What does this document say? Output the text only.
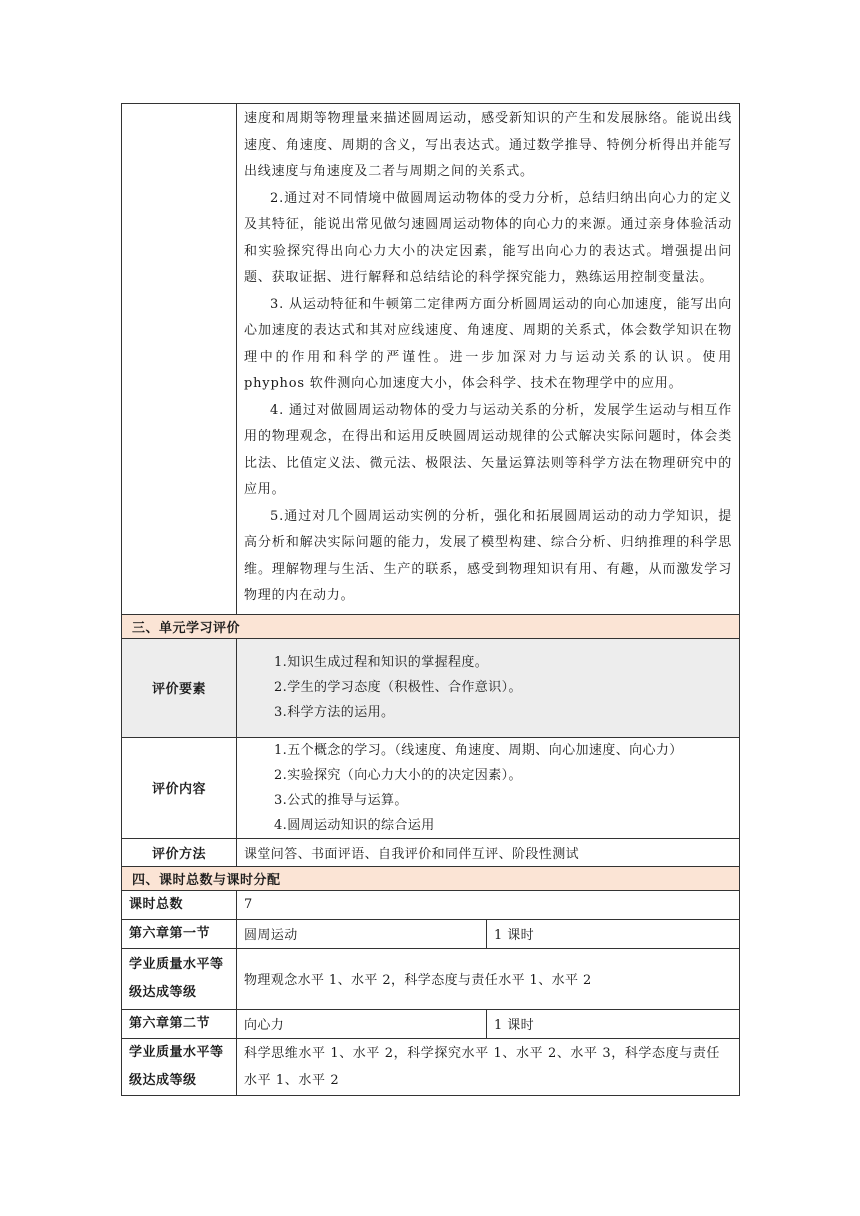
	速度和周期等物理量来描述圆周运动，感受新知识的产生和发展脉络。能说出线速度、角速度、周期的含义，写出表达式。通过数学推导、特例分析得出并能写出线速度与角速度及二者与周期之间的关系式。

2.通过对不同情境中做圆周运动物体的受力分析，总结归纳出向心力的定义及其特征，能说出常见做匀速圆周运动物体的向心力的来源。通过亲身体验活动和实验探究得出向心力大小的决定因素，能写出向心力的表达式。增强提出问题、获取证据、进行解释和总结结论的科学探究能力，熟练运用控制变量法。

3. 从运动特征和牛顿第二定律两方面分析圆周运动的向心加速度，能写出向心加速度的表达式和其对应线速度、角速度、周期的关系式，体会数学知识在物理中的作用和科学的严谨性。进一步加深对力与运动关系的认识。使用 phyphos 软件测向心加速度大小，体会科学、技术在物理学中的应用。

4. 通过对做圆周运动物体的受力与运动关系的分析，发展学生运动与相互作用的物理观念，在得出和运用反映圆周运动规律的公式解决实际问题时，体会类比法、比值定义法、微元法、极限法、矢量运算法则等科学方法在物理研究中的应用。

5.通过对几个圆周运动实例的分析，强化和拓展圆周运动的动力学知识，提高分析和解决实际问题的能力，发展了模型构建、综合分析、归纳推理的科学思维。理解物理与生活、生产的联系，感受到物理知识有用、有趣，从而激发学习物理的内在动力。	

三、单元学习评价		
评价要素	1.知识生成过程和知识的掌握程度。
2.学生的学习态度（积极性、合作意识）。
3.科学方法的运用。	

评价内容	1.五个概念的学习。（线速度、角速度、周期、向心加速度、向心力）
2.实验探究（向心力大小的的决定因素）。
3.公式的推导与运算。
4.圆周运动知识的综合运用	

评价方法	课堂问答、书面评语、自我评价和同伴互评、阶段性测试	
四、课时总数与课时分配		
课时总数	7	
第六章第一节	圆周运动	1 课时
学业质量水平等级达成等级	物理观念水平 1、水平 2，科学态度与责任水平 1、水平 2	
第六章第二节	向心力	1 课时
学业质量水平等级达成等级	科学思维水平 1、水平 2，科学探究水平 1、水平 2、水平 3，科学态度与责任水平 1、水平 2	
